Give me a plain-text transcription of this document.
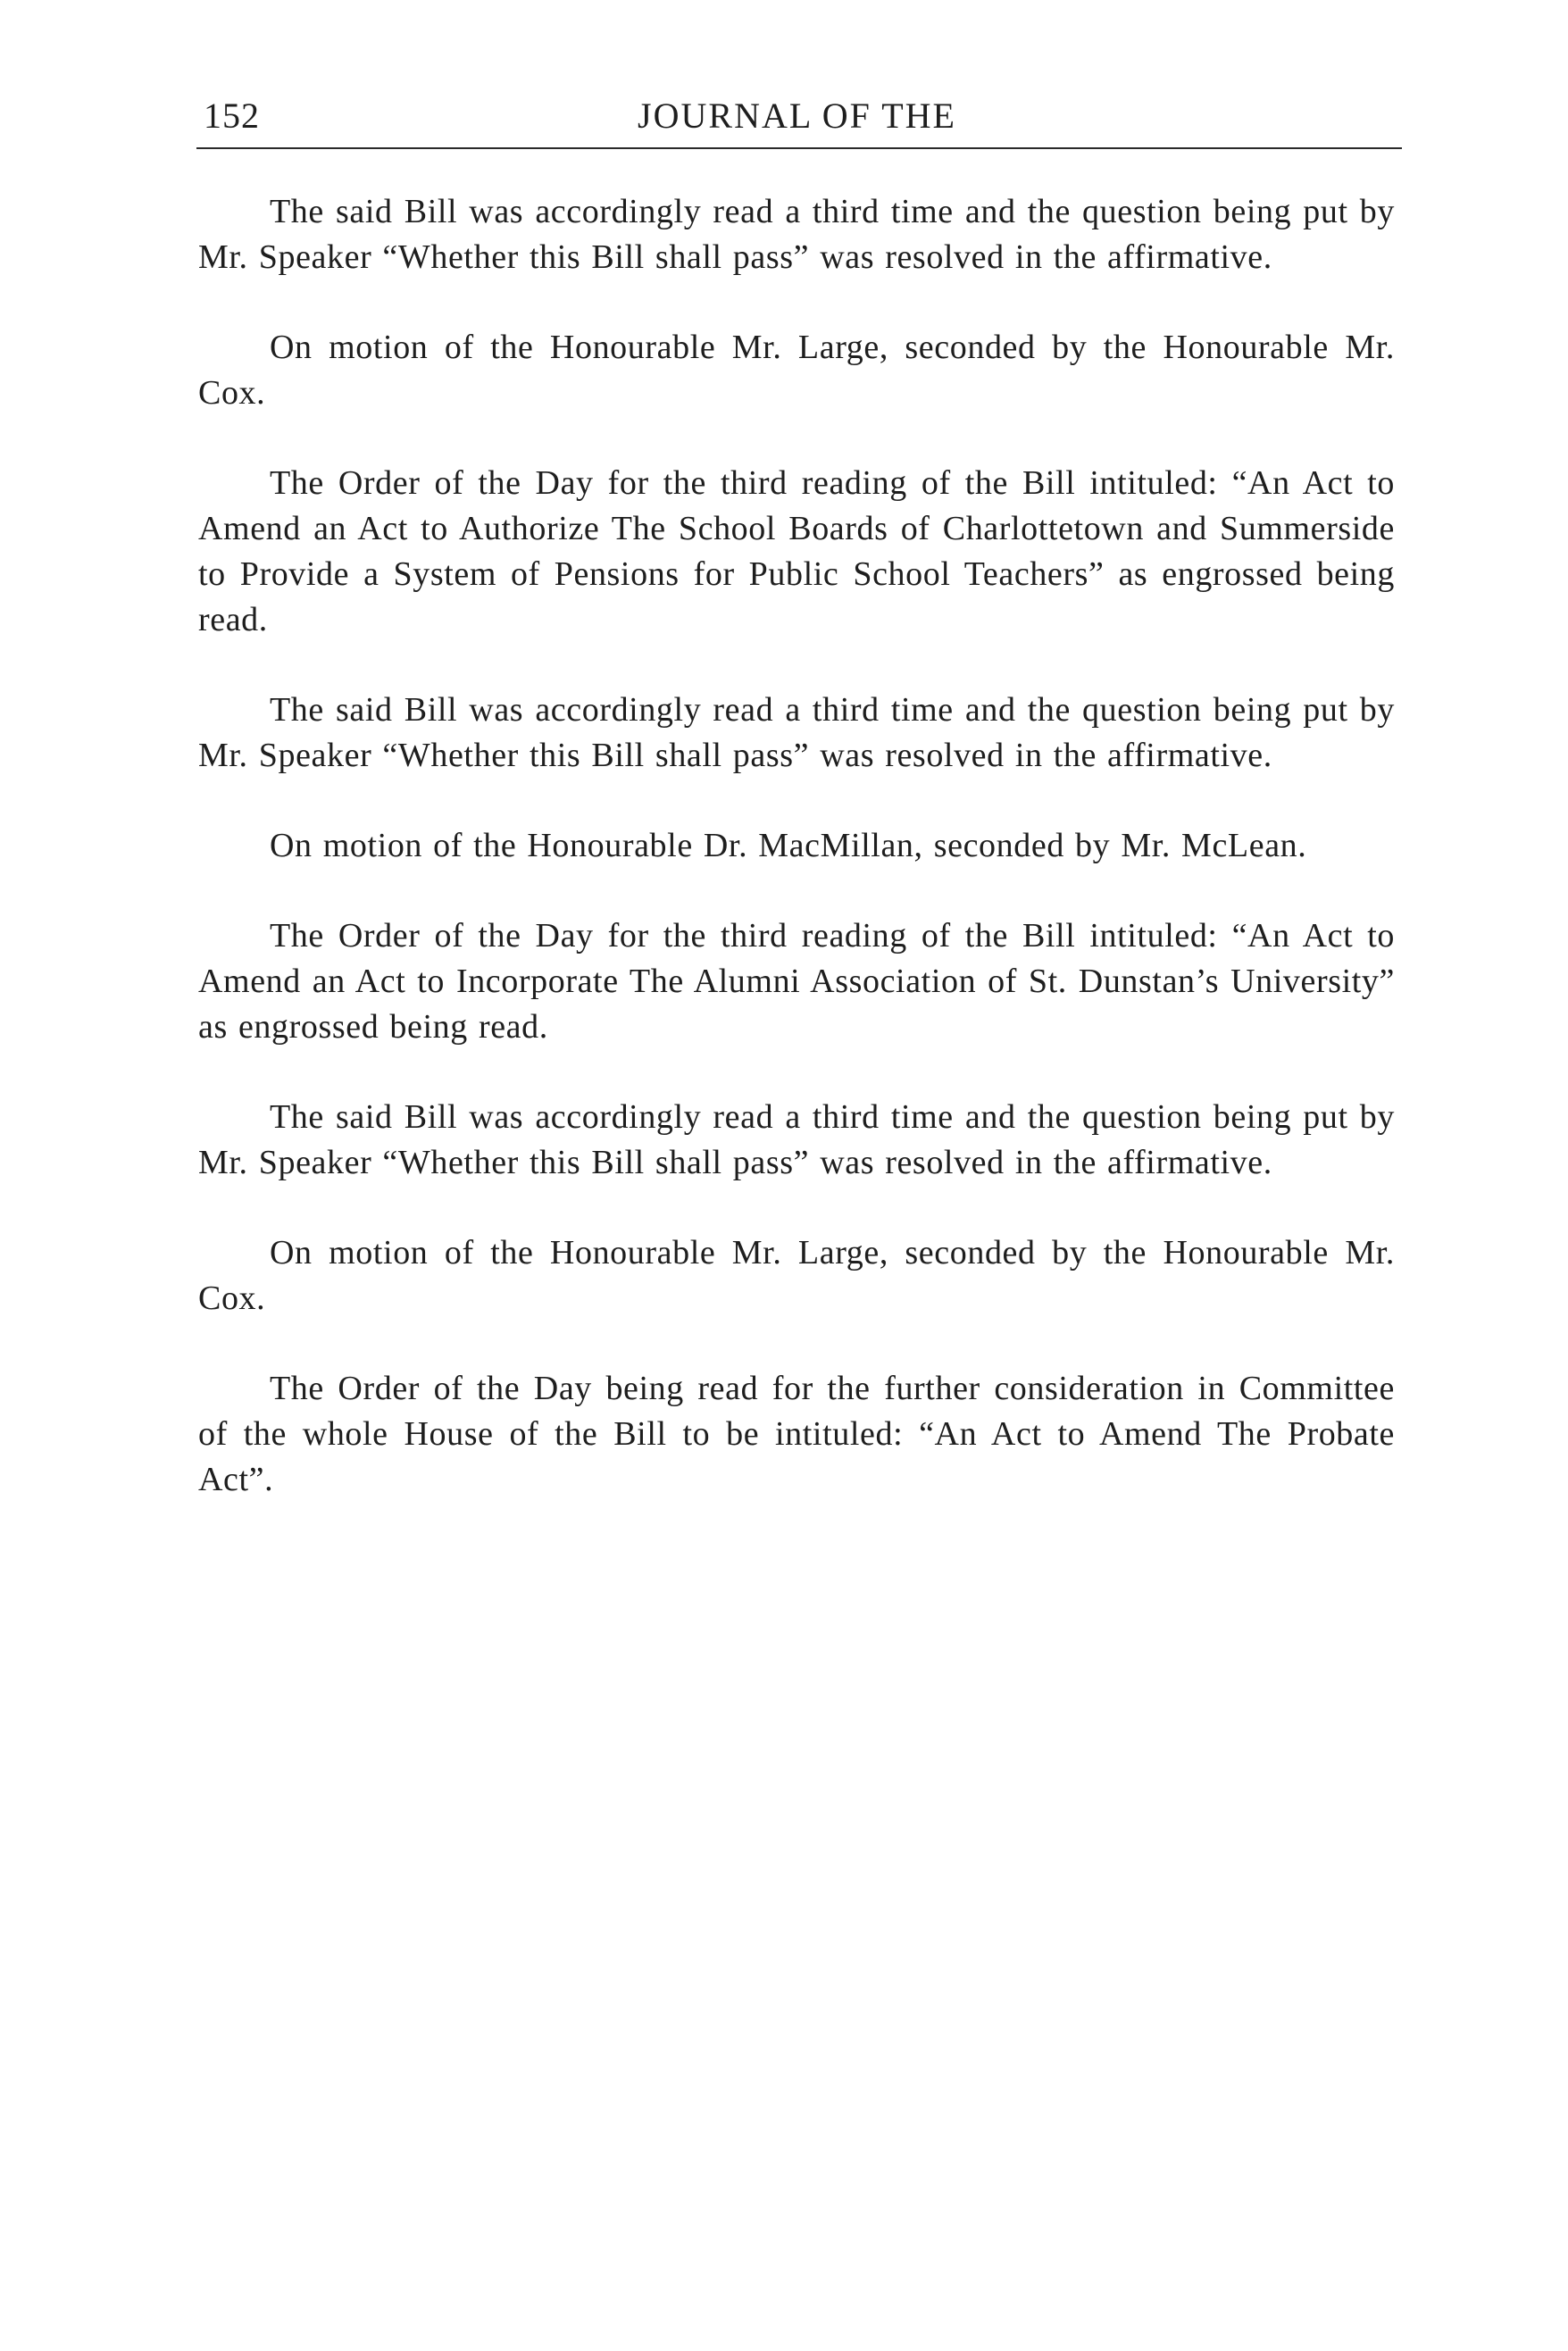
152	JOURNAL OF THE

The said Bill was accordingly read a third time and the question being put by Mr. Speaker “Whether this Bill shall pass” was resolved in the affirmative.

On motion of the Honourable Mr. Large, seconded by the Honourable Mr. Cox.

The Order of the Day for the third reading of the Bill intituled: “An Act to Amend an Act to Authorize The School Boards of Charlottetown and Summerside to Provide a System of Pensions for Public School Teachers” as engrossed being read.

The said Bill was accordingly read a third time and the question being put by Mr. Speaker “Whether this Bill shall pass” was resolved in the affirmative.

On motion of the Honourable Dr. MacMillan, seconded by Mr. McLean.

The Order of the Day for the third reading of the Bill intituled: “An Act to Amend an Act to Incorporate The Alumni Association of St. Dunstan’s University” as engrossed being read.

The said Bill was accordingly read a third time and the question being put by Mr. Speaker “Whether this Bill shall pass” was resolved in the affirmative.

On motion of the Honourable Mr. Large, seconded by the Honourable Mr. Cox.

The Order of the Day being read for the further consideration in Committee of the whole House of the Bill to be intituled: “An Act to Amend The Probate Act”.
